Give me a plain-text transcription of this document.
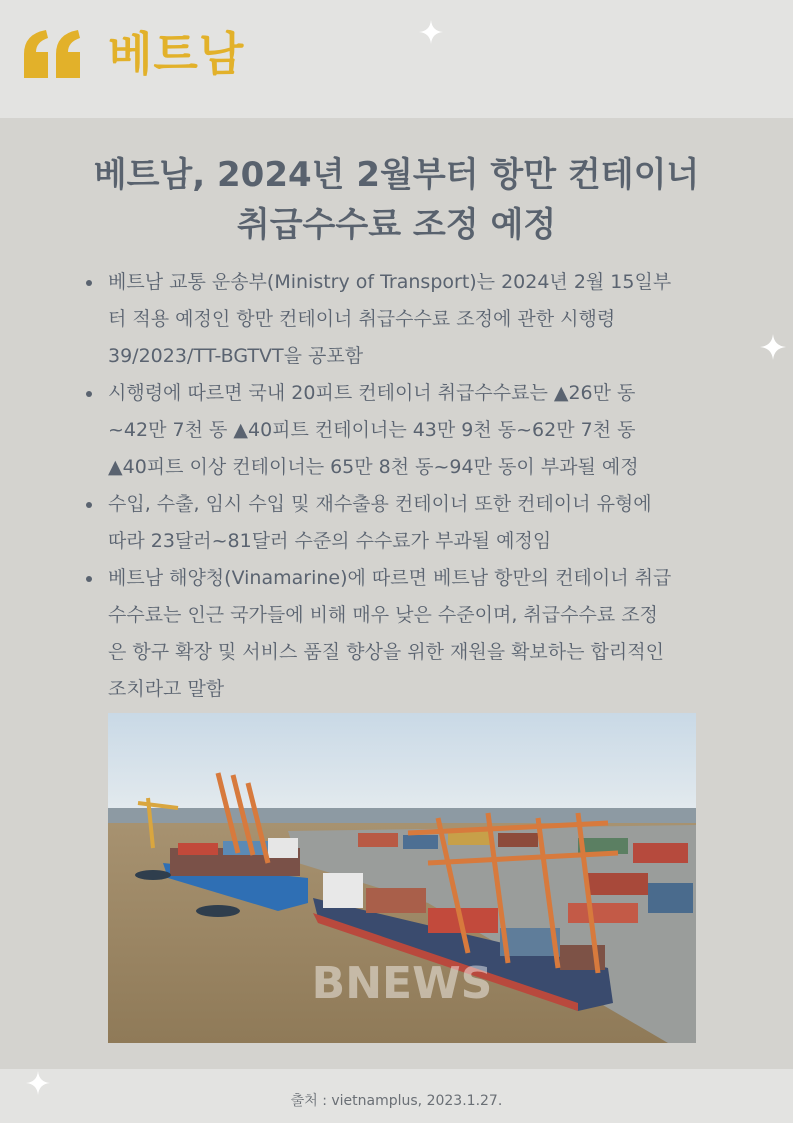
베트남
베트남, 2024년 2월부터 항만 컨테이너
취급수수료 조정 예정
베트남 교통 운송부(Ministry of Transport)는 2024년 2월 15일부
터 적용 예정인 항만 컨테이너 취급수수료 조정에 관한 시행령
39/2023/TT-BGTVT을 공포함
시행령에 따르면 국내 20피트 컨테이너 취급수수료는 ▲26만 동
~42만 7천 동 ▲40피트 컨테이너는 43만 9천 동~62만 7천 동
▲40피트 이상 컨테이너는 65만 8천 동~94만 동이 부과될 예정
수입, 수출, 임시 수입 및 재수출용 컨테이너 또한 컨테이너 유형에
따라 23달러~81달러 수준의 수수료가 부과될 예정임
베트남 해양청(Vinamarine)에 따르면 베트남 항만의 컨테이너 취급
수수료는 인근 국가들에 비해 매우 낮은 수준이며, 취급수수료 조정
은 항구 확장 및 서비스 품질 향상을 위한 재원을 확보하는 합리적인
조치라고 말함
BNEWS
출처 : vietnamplus, 2023.1.27.
